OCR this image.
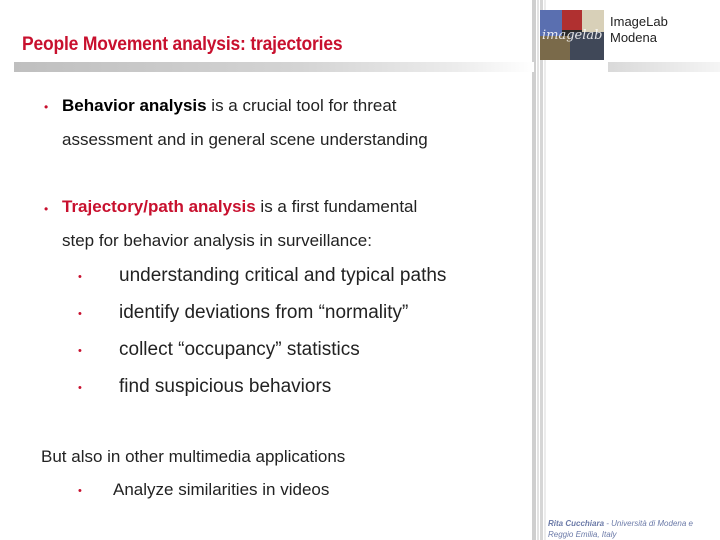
People Movement analysis: trajectories	imagelab
ImageLab
Modena
• Behavior analysis is a crucial tool for threat
assessment and in general scene understanding
• Trajectory/path analysis is a first fundamental
step for behavior analysis in surveillance:
• understanding critical and typical paths
• identify deviations from “normality”
• collect “occupancy” statistics
• find suspicious behaviors
But also in other multimedia applications
• Analyze similarities in videos
Rita Cucchiara - Università di Modena e
Reggio Emilia, Italy
